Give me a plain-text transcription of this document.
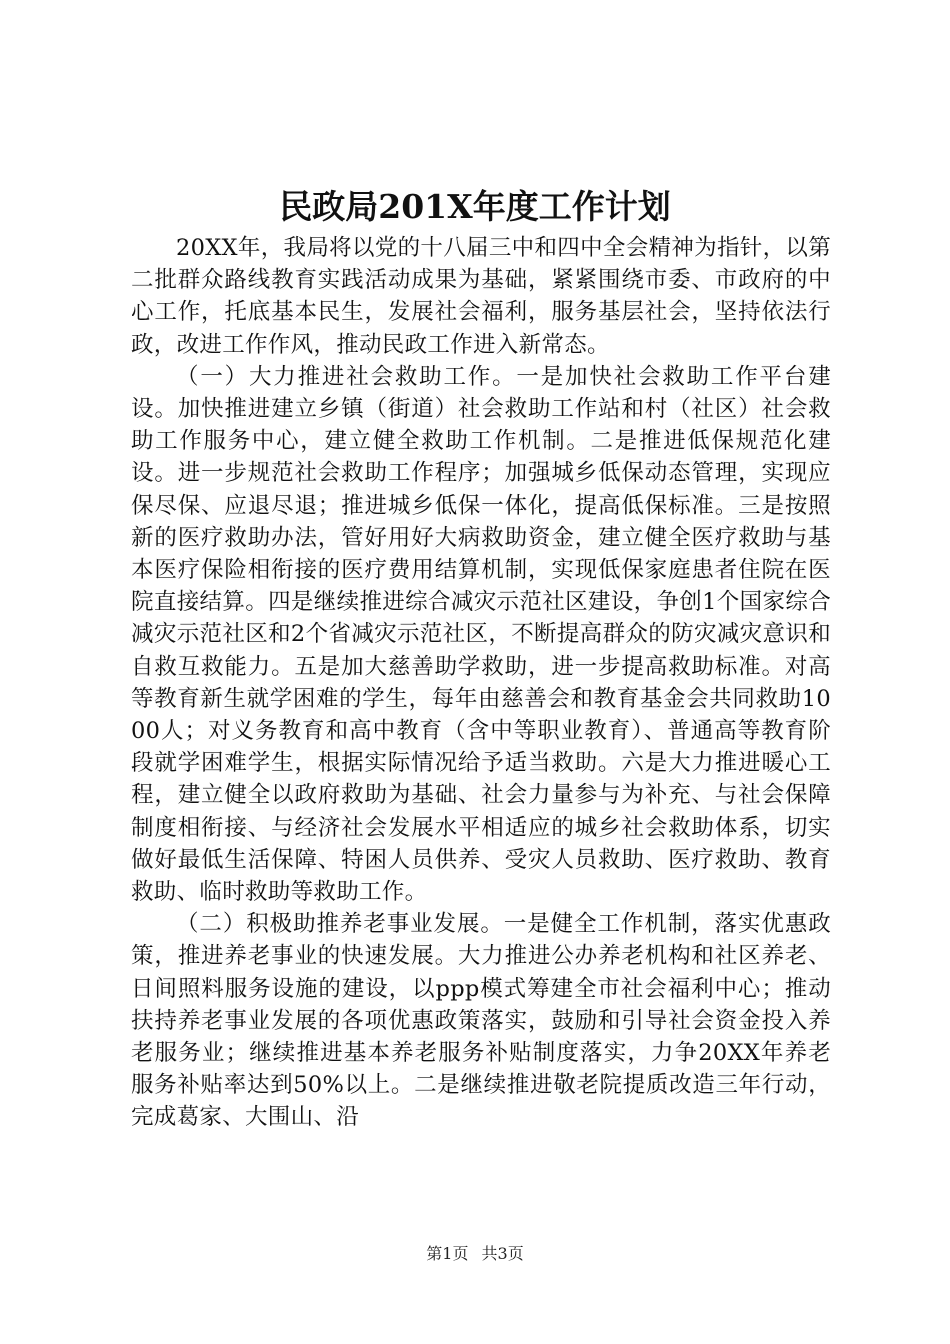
民政局201X年度工作计划

20XX年，我局将以党的十八届三中和四中全会精神为指针，以第二批群众路线教育实践活动成果为基础，紧紧围绕市委、市政府的中心工作，托底基本民生，发展社会福利，服务基层社会，坚持依法行政，改进工作作风，推动民政工作进入新常态。

（一）大力推进社会救助工作。一是加快社会救助工作平台建设。加快推进建立乡镇（街道）社会救助工作站和村（社区）社会救助工作服务中心，建立健全救助工作机制。二是推进低保规范化建设。进一步规范社会救助工作程序；加强城乡低保动态管理，实现应保尽保、应退尽退；推进城乡低保一体化，提高低保标准。三是按照新的医疗救助办法，管好用好大病救助资金，建立健全医疗救助与基本医疗保险相衔接的医疗费用结算机制，实现低保家庭患者住院在医院直接结算。四是继续推进综合减灾示范社区建设，争创1个国家综合减灾示范社区和2个省减灾示范社区，不断提高群众的防灾减灾意识和自救互救能力。五是加大慈善助学救助，进一步提高救助标准。对高等教育新生就学困难的学生，每年由慈善会和教育基金会共同救助1000人；对义务教育和高中教育（含中等职业教育）、普通高等教育阶段就学困难学生，根据实际情况给予适当救助。六是大力推进暖心工程，建立健全以政府救助为基础、社会力量参与为补充、与社会保障制度相衔接、与经济社会发展水平相适应的城乡社会救助体系，切实做好最低生活保障、特困人员供养、受灾人员救助、医疗救助、教育救助、临时救助等救助工作。

（二）积极助推养老事业发展。一是健全工作机制，落实优惠政策，推进养老事业的快速发展。大力推进公办养老机构和社区养老、日间照料服务设施的建设，以ppp模式筹建全市社会福利中心；推动扶持养老事业发展的各项优惠政策落实，鼓励和引导社会资金投入养老服务业；继续推进基本养老服务补贴制度落实，力争20XX年养老服务补贴率达到50%以上。二是继续推进敬老院提质改造三年行动，完成葛家、大围山、沿

第1页 共3页
